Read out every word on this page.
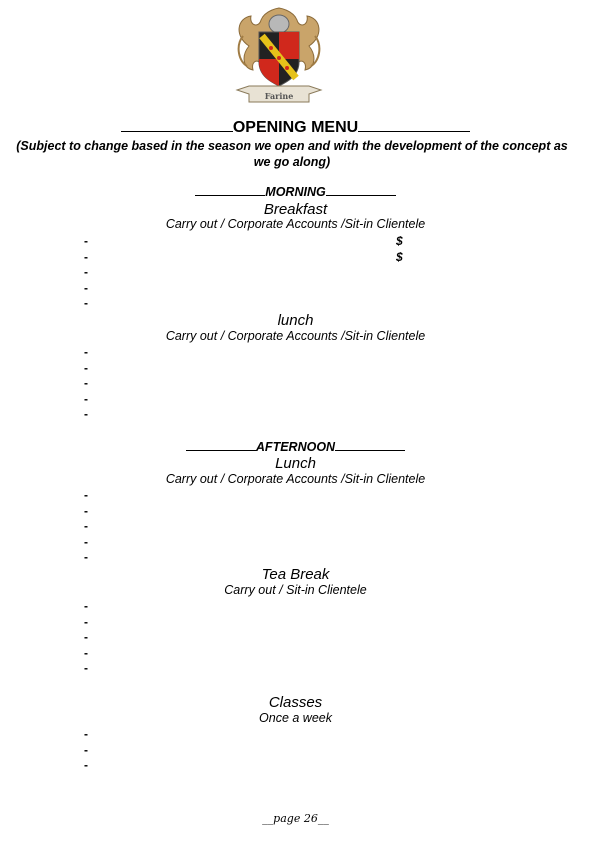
Farine
OPENING MENU
(Subject to change based in the season we open and with the development of the concept as we go along)
MORNING
Breakfast
Carry out / Corporate Accounts /Sit-in Clientele
-
-
-
-
-
$
$
lunch
Carry out / Corporate Accounts /Sit-in Clientele
-
-
-
-
-
AFTERNOON
Lunch
Carry out / Corporate Accounts /Sit-in Clientele
-
-
-
-
-
Tea Break
Carry out / Sit-in Clientele
-
-
-
-
-
Classes
Once a week
-
-
-
__page 26__
